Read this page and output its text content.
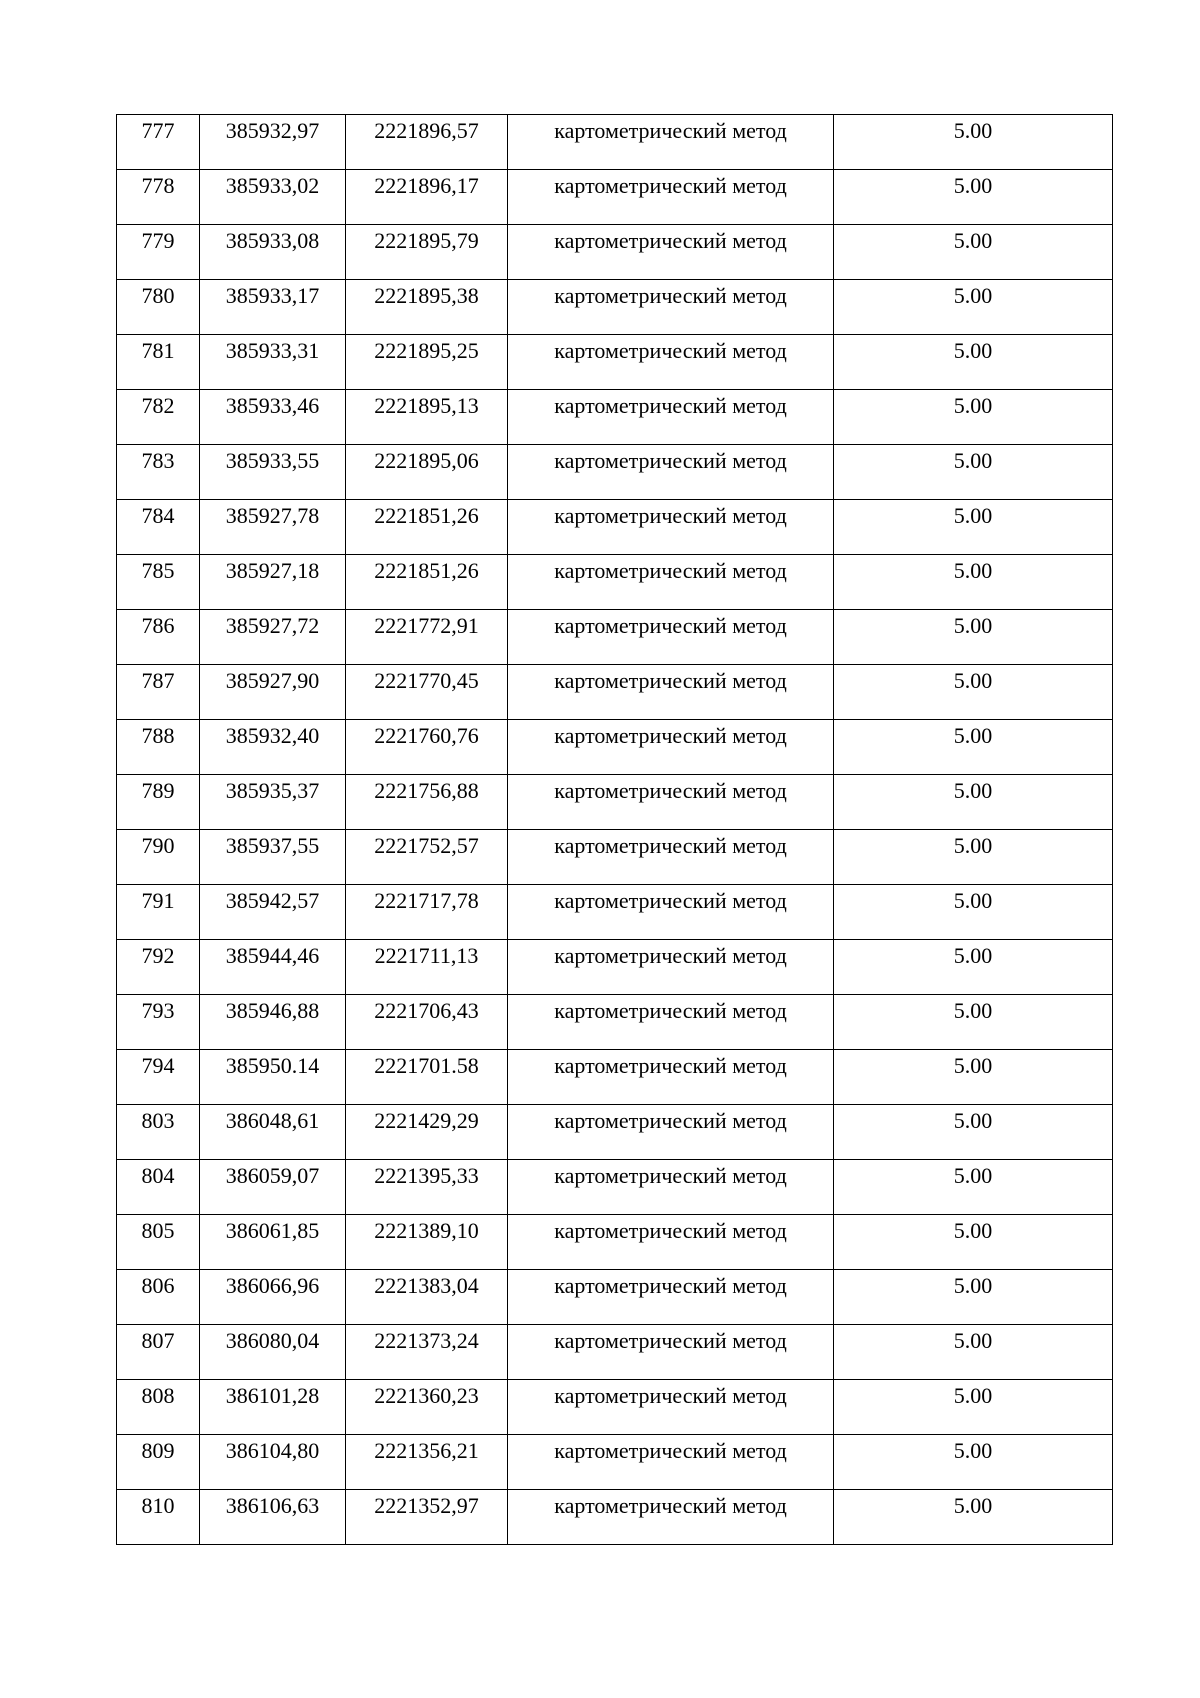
777	385932,97	2221896,57	картометрический метод	5.00

778	385933,02	2221896,17	картометрический метод	5.00

779	385933,08	2221895,79	картометрический метод	5.00

780	385933,17	2221895,38	картометрический метод	5.00

781	385933,31	2221895,25	картометрический метод	5.00

782	385933,46	2221895,13	картометрический метод	5.00

783	385933,55	2221895,06	картометрический метод	5.00

784	385927,78	2221851,26	картометрический метод	5.00

785	385927,18	2221851,26	картометрический метод	5.00

786	385927,72	2221772,91	картометрический метод	5.00

787	385927,90	2221770,45	картометрический метод	5.00

788	385932,40	2221760,76	картометрический метод	5.00

789	385935,37	2221756,88	картометрический метод	5.00

790	385937,55	2221752,57	картометрический метод	5.00

791	385942,57	2221717,78	картометрический метод	5.00

792	385944,46	2221711,13	картометрический метод	5.00

793	385946,88	2221706,43	картометрический метод	5.00

794	385950.14	2221701.58	картометрический метод	5.00

803	386048,61	2221429,29	картометрический метод	5.00

804	386059,07	2221395,33	картометрический метод	5.00

805	386061,85	2221389,10	картометрический метод	5.00

806	386066,96	2221383,04	картометрический метод	5.00

807	386080,04	2221373,24	картометрический метод	5.00

808	386101,28	2221360,23	картометрический метод	5.00

809	386104,80	2221356,21	картометрический метод	5.00

810	386106,63	2221352,97	картометрический метод	5.00
